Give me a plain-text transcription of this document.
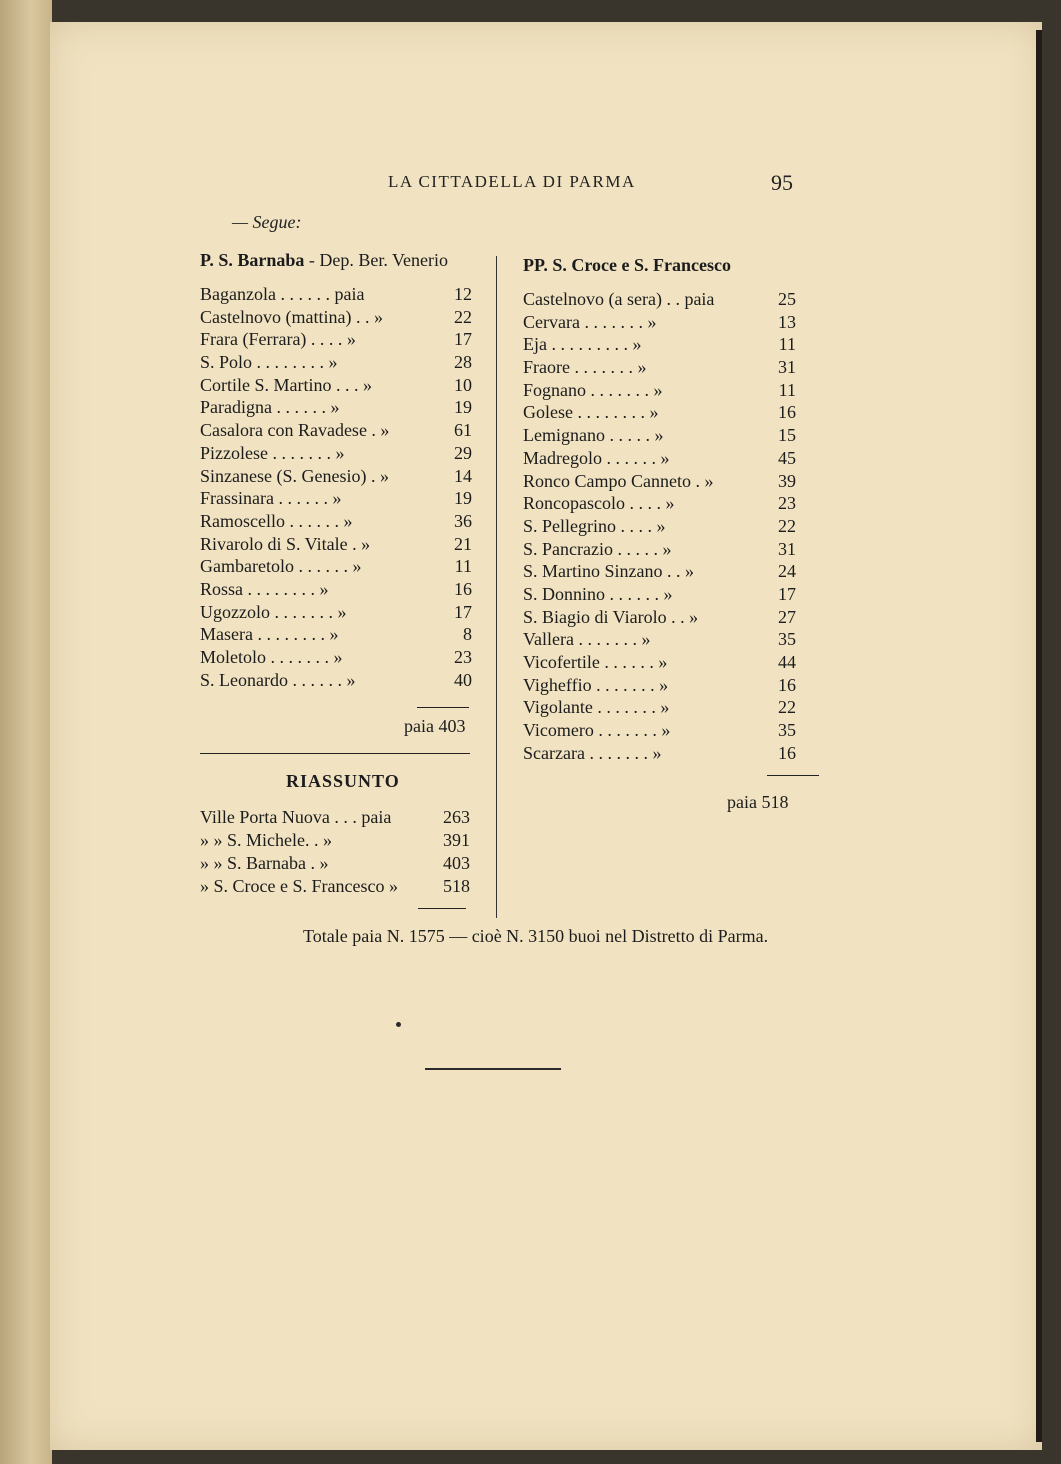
LA CITTADELLA DI PARMA	95
— Segue:
P. S. Barnaba - Dep. Ber. Venerio
Baganzola . . . . . . paia	12
Castelnovo (mattina) . . »	22
Frara (Ferrara) . . . . »	17
S. Polo . . . . . . . . »	28
Cortile S. Martino . . . »	10
Paradigna . . . . . . »	19
Casalora con Ravadese . »	61
Pizzolese . . . . . . . »	29
Sinzanese (S. Genesio) . »	14
Frassinara . . . . . . »	19
Ramoscello . . . . . . »	36
Rivarolo di S. Vitale . »	21
Gambaretolo . . . . . . »	11
Rossa . . . . . . . . »	16
Ugozzolo . . . . . . . »	17
Masera . . . . . . . . »	8
Moletolo . . . . . . . »	23
S. Leonardo . . . . . . »	40
paia 403
RIASSUNTO
Ville Porta Nuova . . . paia	263
» » S. Michele. . »	391
» » S. Barnaba . »	403
» S. Croce e S. Francesco »	518
PP. S. Croce e S. Francesco
Castelnovo (a sera) . . paia	25
Cervara . . . . . . . »	13
Eja . . . . . . . . . »	11
Fraore . . . . . . . »	31
Fognano . . . . . . . »	11
Golese . . . . . . . . »	16
Lemignano . . . . . »	15
Madregolo . . . . . . »	45
Ronco Campo Canneto . »	39
Roncopascolo . . . . »	23
S. Pellegrino . . . . »	22
S. Pancrazio . . . . . »	31
S. Martino Sinzano . . »	24
S. Donnino . . . . . . »	17
S. Biagio di Viarolo . . »	27
Vallera . . . . . . . »	35
Vicofertile . . . . . . »	44
Vigheffio . . . . . . . »	16
Vigolante . . . . . . . »	22
Vicomero . . . . . . . »	35
Scarzara . . . . . . . »	16
paia 518
Totale paia N. 1575 — cioè N. 3150 buoi nel Distretto di Parma.
